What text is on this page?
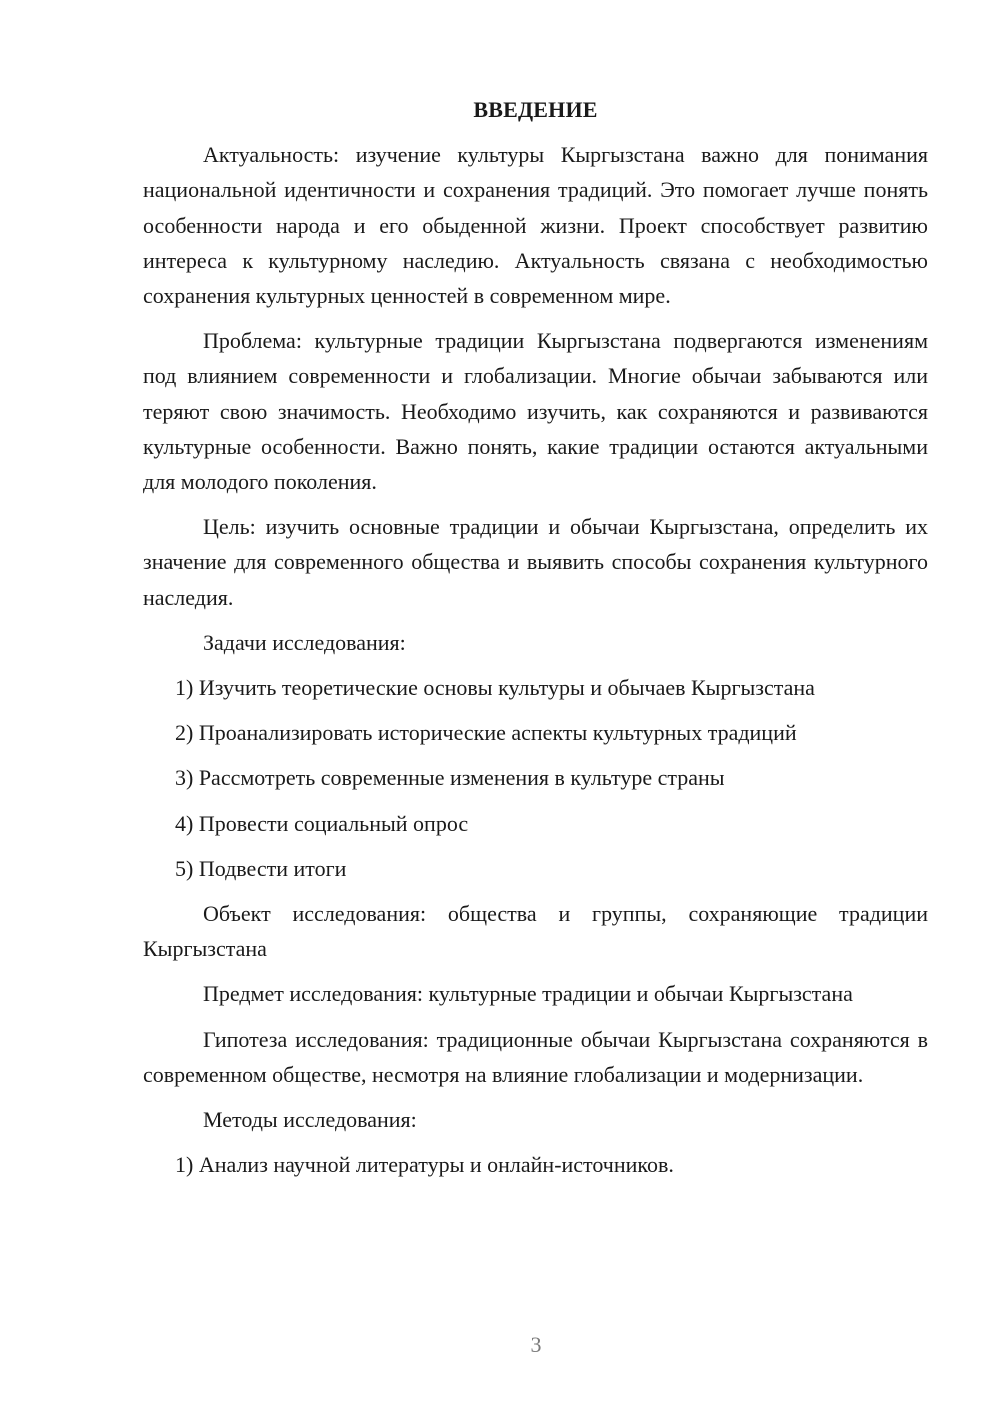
ВВЕДЕНИЕ

Актуальность: изучение культуры Кыргызстана важно для понимания национальной идентичности и сохранения традиций. Это помогает лучше понять особенности народа и его обыденной жизни. Проект способствует развитию интереса к культурному наследию. Актуальность связана с необходимостью сохранения культурных ценностей в современном мире.

Проблема: культурные традиции Кыргызстана подвергаются изменениям под влиянием современности и глобализации. Многие обычаи забываются или теряют свою значимость. Необходимо изучить, как сохраняются и развиваются культурные особенности. Важно понять, какие традиции остаются актуальными для молодого поколения.

Цель: изучить основные традиции и обычаи Кыргызстана, определить их значение для современного общества и выявить способы сохранения культурного наследия.

Задачи исследования:

1) Изучить теоретические основы культуры и обычаев Кыргызстана
2) Проанализировать исторические аспекты культурных традиций
3) Рассмотреть современные изменения в культуре страны
4) Провести социальный опрос
5) Подвести итоги

Объект исследования: общества и группы, сохраняющие традиции Кыргызстана

Предмет исследования: культурные традиции и обычаи Кыргызстана

Гипотеза исследования: традиционные обычаи Кыргызстана сохраняются в современном обществе, несмотря на влияние глобализации и модернизации.

Методы исследования:

1) Анализ научной литературы и онлайн-источников.
3
